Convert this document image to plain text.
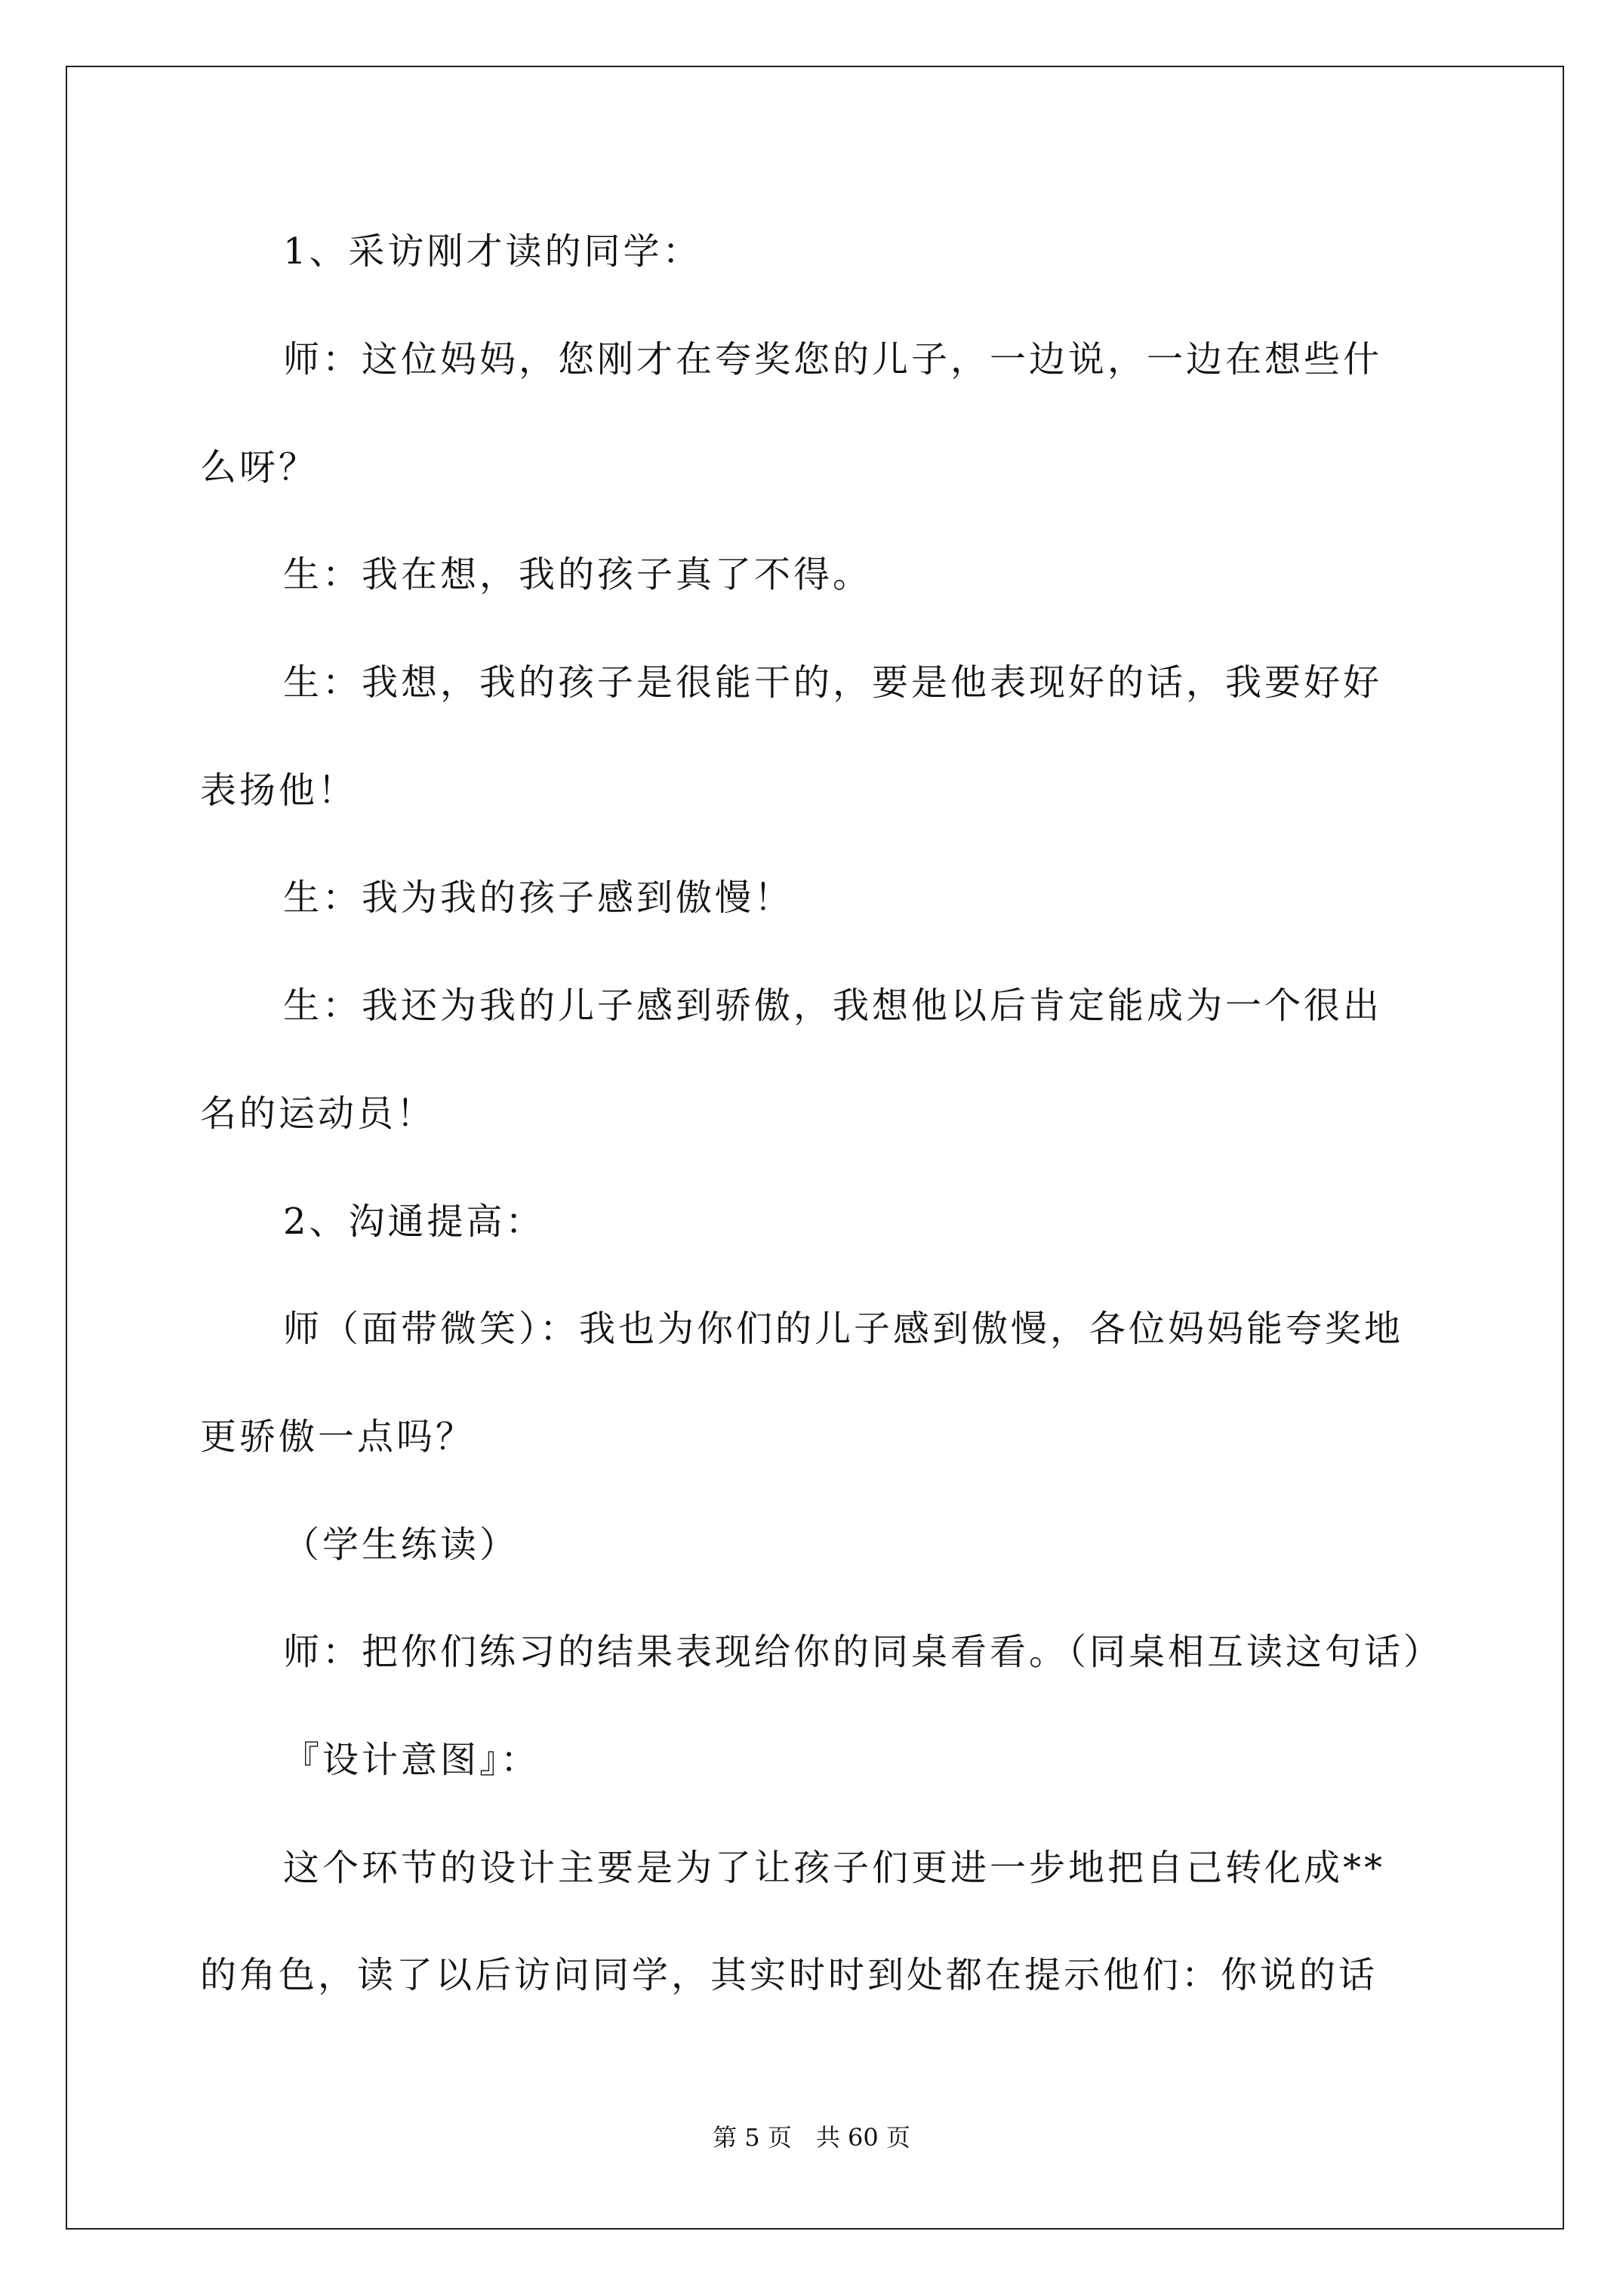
1、采访刚才读的同学：
师：这位妈妈，您刚才在夸奖您的儿子，一边说，一边在想些什
么呀？
生：我在想，我的孩子真了不得。
生：我想，我的孩子是很能干的，要是他表现好的话，我要好好
表扬他！
生：我为我的孩子感到傲慢！
生：我还为我的儿子感到骄傲，我想他以后肯定能成为一个很出
名的运动员！
2、沟通提高：
师（面带微笑）：我也为你们的儿子感到傲慢，各位妈妈能夸奖地
更骄傲一点吗？
（学生练读）
师：把你们练习的结果表现给你的同桌看看。（同桌相互读这句话）
『设计意图』：
这个环节的设计主要是为了让孩子们更进一步地把自己转化成**
的角色，读了以后访问同学，其实时时到处都在提示他们：你说的话
第 5 页　共 60 页
